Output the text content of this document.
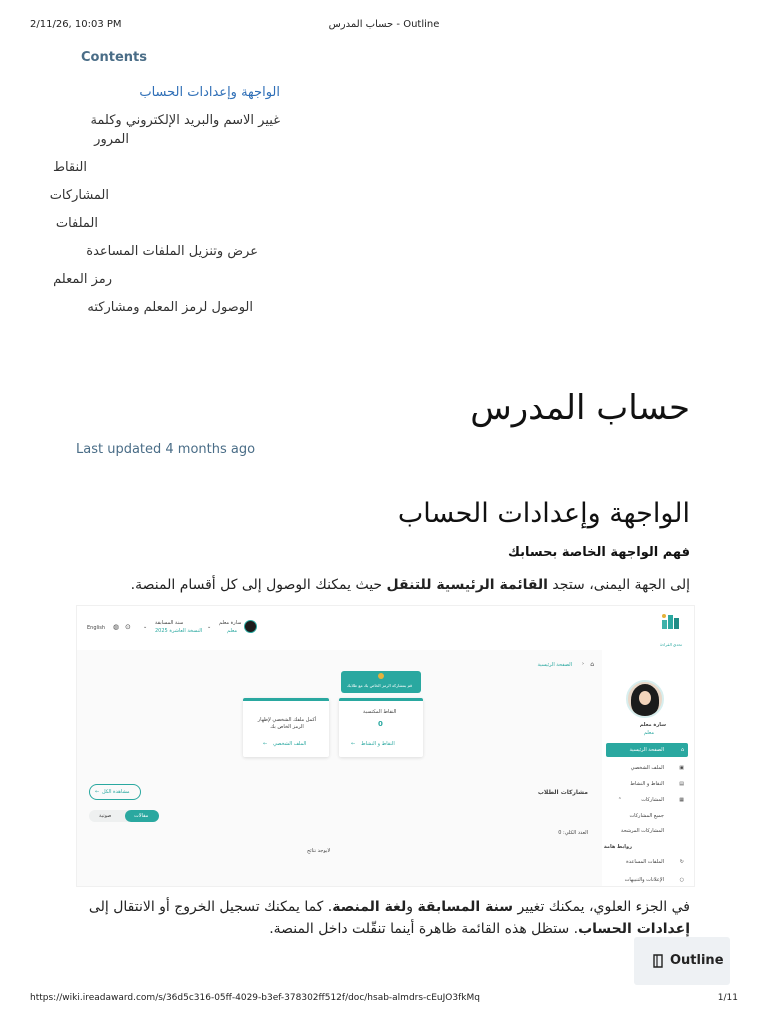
2/11/26, 10:03 PM	حساب المدرس - Outline
https://wiki.ireadaward.com/s/36d5c316-05ff-4029-b3ef-378302ff512f/doc/hsab-almdrs-cEuJO3fkMq	1/11
Contents
الواجهة وإعدادات الحساب
غيير الاسم والبريد الإلكتروني وكلمة
المرور
النقاط
المشاركات
الملفات
عرض وتنزيل الملفات المساعدة
رمز المعلم
الوصول لرمز المعلم ومشاركته
حساب المدرس
Last updated 4 months ago
الواجهة وإعدادات الحساب
فهم الواجهة الخاصة بحسابك
إلى الجهة اليمنى، ستجد القائمة الرئيسية للتنقل حيث يمكنك الوصول إلى كل أقسام المنصة.
English ◍ ⊙ ⌄
سنة المسابقة
النسخة العاشرة 2025
⌄
سارة معلم
معلم
تحدي القراءة
سارة معلم
معلم
الصفحة الرئيسية	⌂
الملف الشخصي	▣
النقاط و النشاط	▤
المشاركات	▦
⌃
جميع المشاركات
المشاركات المرشحة
روابط هامة
الملفات المساعدة	↻
الإعلانات والتنبيهات	○
⌂
‹
الصفحة الرئيسية
قم بمشاركة الرمز الخاص بك مع طلابك
النقاط المكتسبة
0
النقاط و النشاط
←
أكمل ملفك الشخصي لإظهار الرمز الخاص بك
الملف الشخصي
←
مشاركات الطلاب
مشاهدة الكل
←
مقالات
صوتية
العدد الكلي: 0
لايوجد نتائج
في الجزء العلوي، يمكنك تغيير سنة المسابقة ولغة المنصة. كما يمكنك تسجيل الخروج أو الانتقال إلى إعدادات الحساب. ستظل هذه القائمة ظاهرة أينما تنقّلت داخل المنصة.
Outline
